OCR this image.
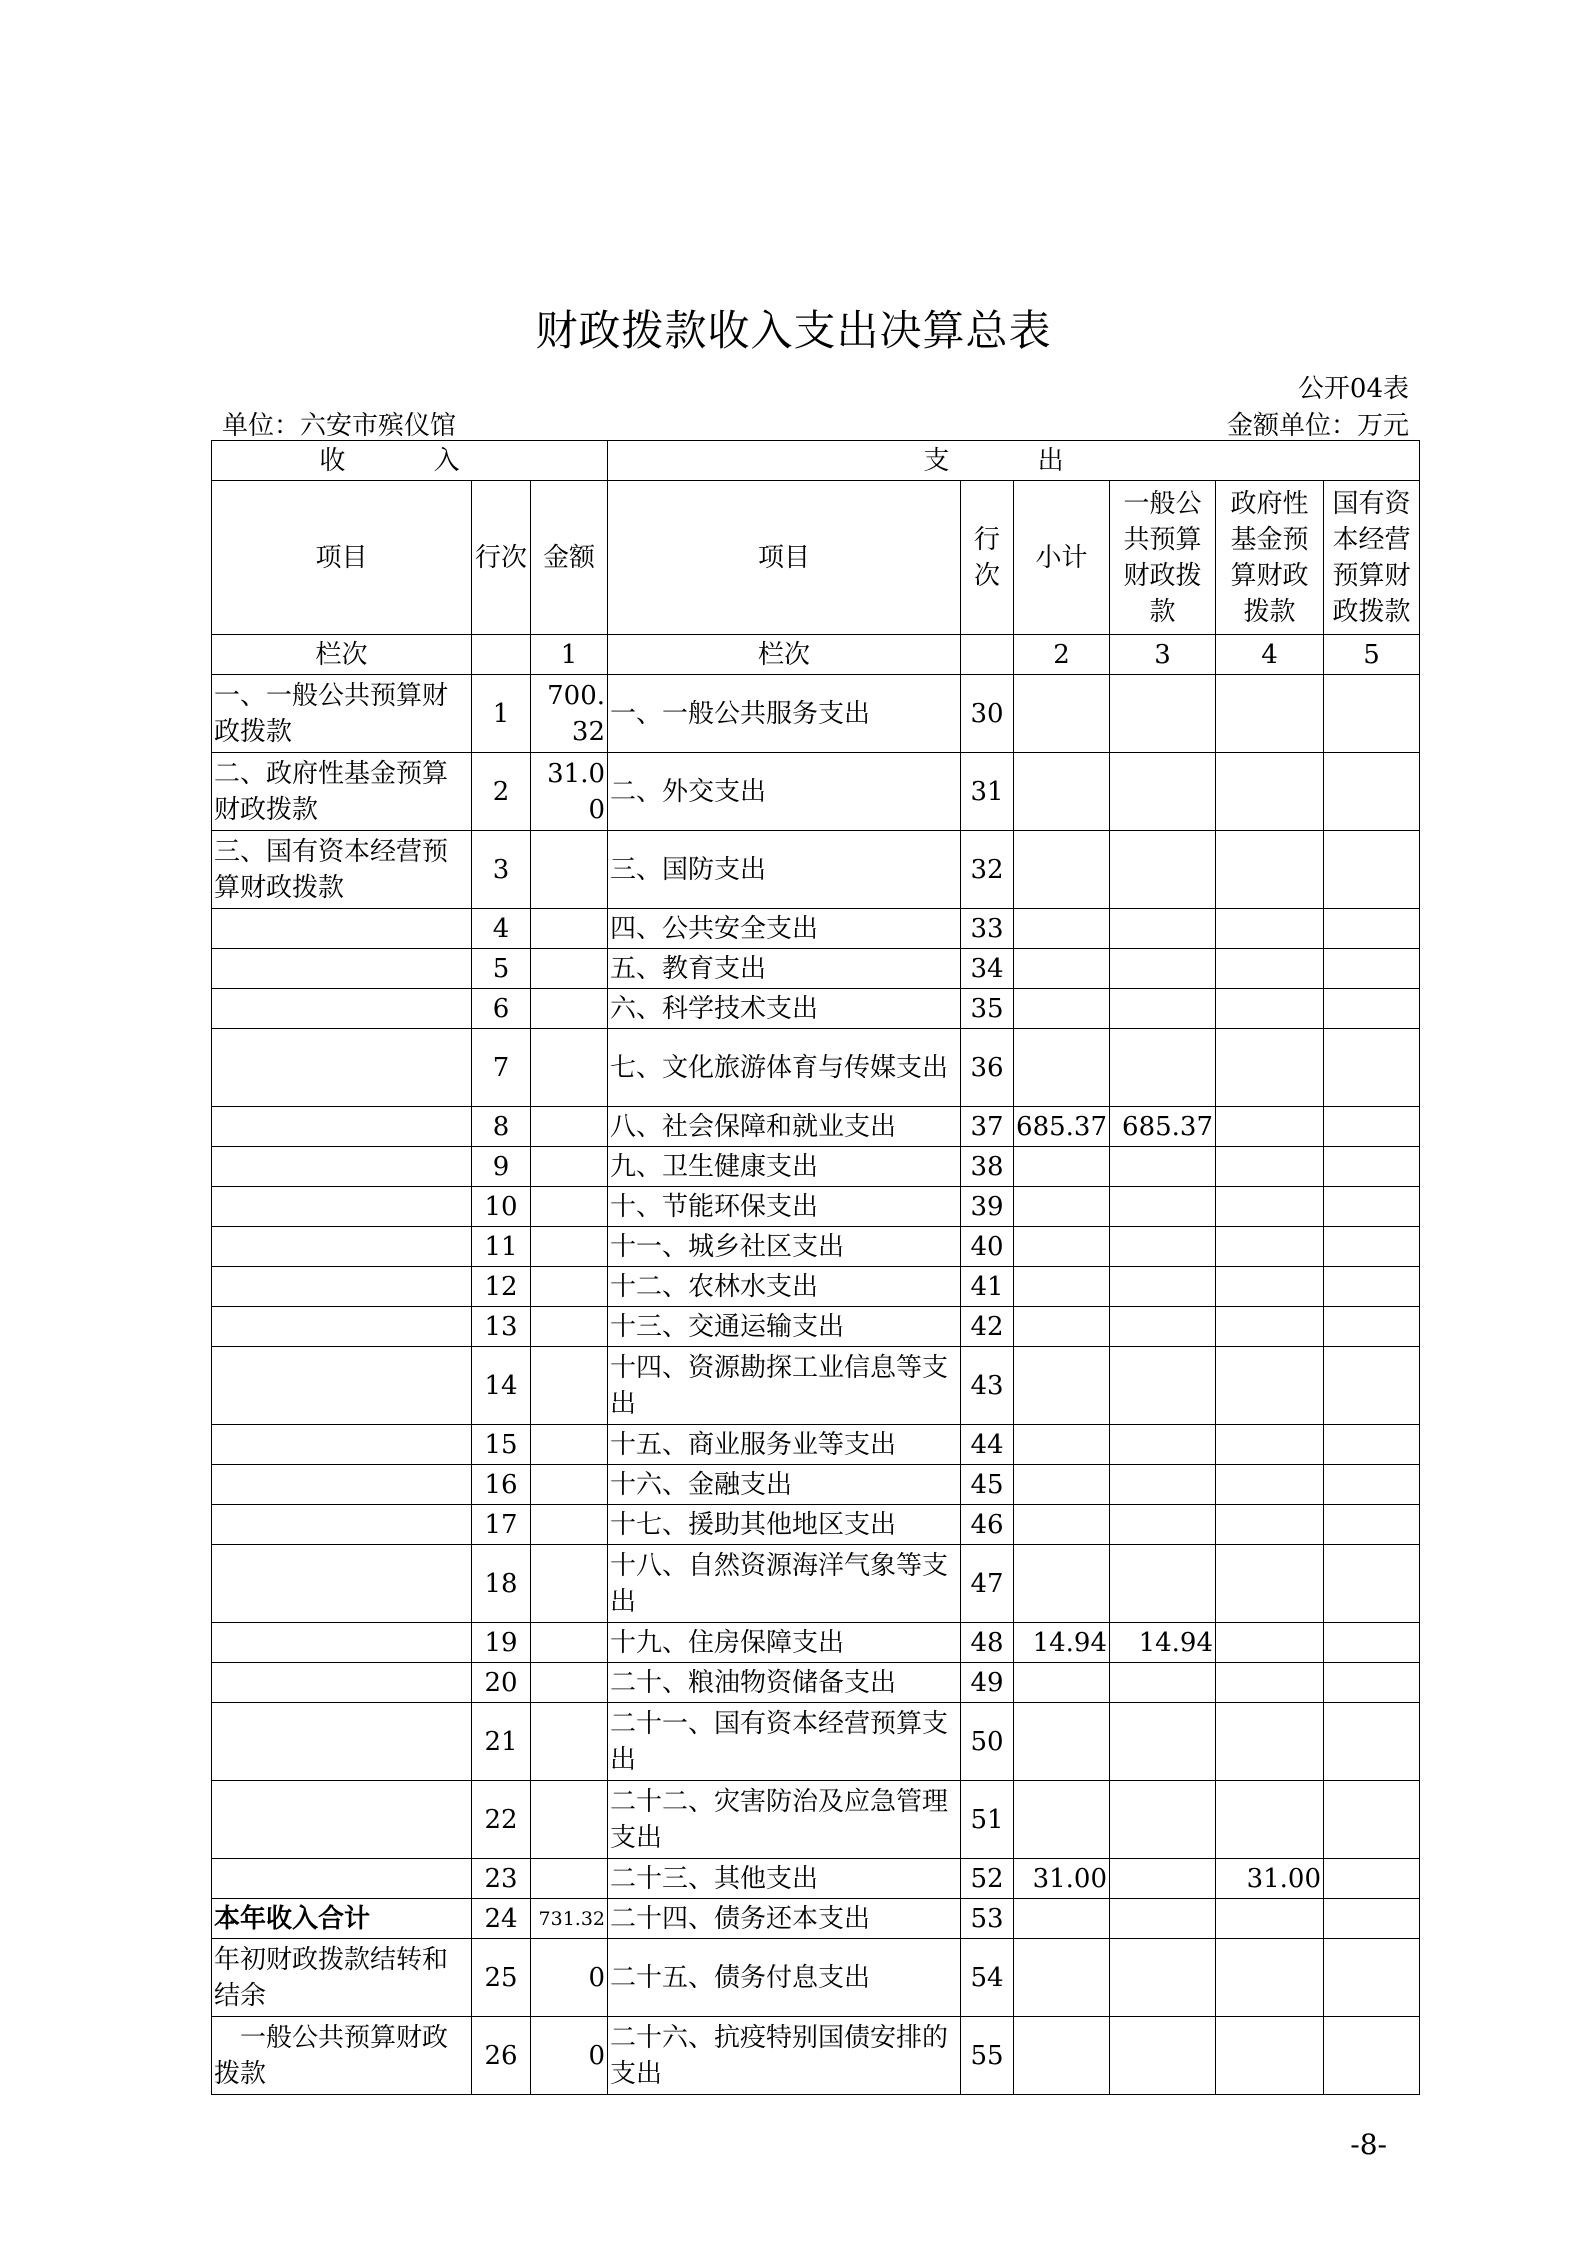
财政拨款收入支出决算总表
公开04表
单位：六安市殡仪馆	金额单位：万元
收 入			支 出					
项目	行次	金额	项目	行次	小计	一般公共预算财政拨款	政府性基金预算财政拨款	国有资本经营预算财政拨款
栏次		1	栏次		2	3	4	5
一、一般公共预算财政拨款	1	700.32	一、一般公共服务支出	30				
二、政府性基金预算财政拨款	2	31.00	二、外交支出	31				
三、国有资本经营预算财政拨款	3		三、国防支出	32				
	4		四、公共安全支出	33				
	5		五、教育支出	34				
	6		六、科学技术支出	35				
	7		七、文化旅游体育与传媒支出	36				
	8		八、社会保障和就业支出	37	685.37	685.37		
	9		九、卫生健康支出	38				
	10		十、节能环保支出	39				
	11		十一、城乡社区支出	40				
	12		十二、农林水支出	41				
	13		十三、交通运输支出	42				
	14		十四、资源勘探工业信息等支出	43				
	15		十五、商业服务业等支出	44				
	16		十六、金融支出	45				
	17		十七、援助其他地区支出	46				
	18		十八、自然资源海洋气象等支出	47				
	19		十九、住房保障支出	48	14.94	14.94		
	20		二十、粮油物资储备支出	49				
	21		二十一、国有资本经营预算支出	50				
	22		二十二、灾害防治及应急管理支出	51				
	23		二十三、其他支出	52	31.00		31.00	
本年收入合计	24	731.32	二十四、债务还本支出	53				
年初财政拨款结转和结余	25	0	二十五、债务付息支出	54				
　一般公共预算财政拨款	26	0	二十六、抗疫特别国债安排的支出	55				
-8-
